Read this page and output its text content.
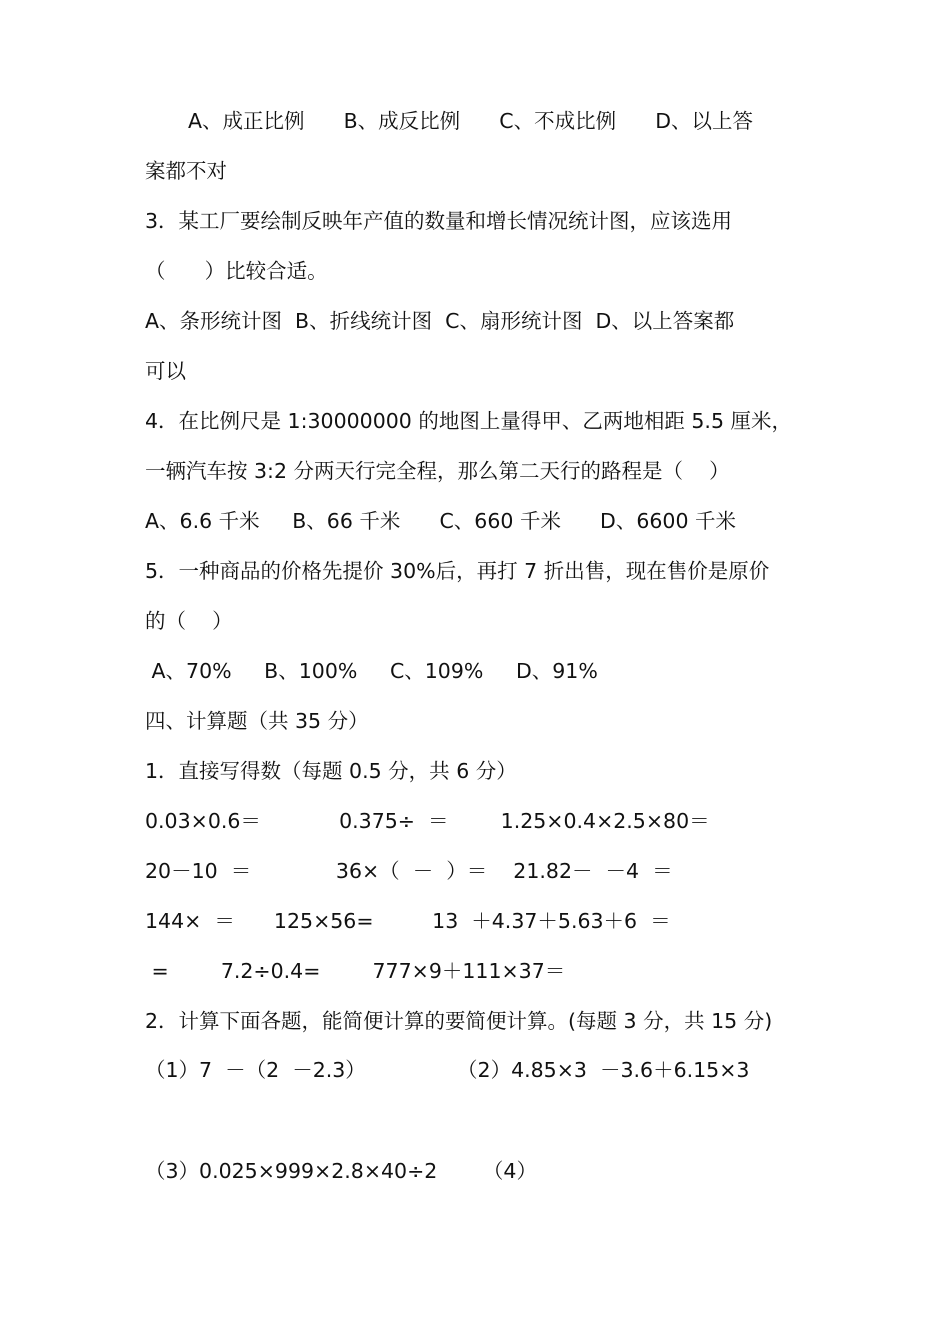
A、成正比例      B、成反比例      C、不成比例      D、以上答
案都不对
3．某工厂要绘制反映年产值的数量和增长情况统计图，应该选用
（      ）比较合适。
A、条形统计图  B、折线统计图  C、扇形统计图  D、以上答案都
可以
4．在比例尺是 1:30000000 的地图上量得甲、乙两地相距 5.5 厘米，
一辆汽车按 3:2 分两天行完全程，那么第二天行的路程是（    ）
A、6.6 千米     B、66 千米      C、660 千米      D、6600 千米
5．一种商品的价格先提价 30%后，再打 7 折出售，现在售价是原价
的（    ）
A、70%     B、100%     C、109%     D、91%
四、计算题（共 35 分）
1．直接写得数（每题 0.5 分，共 6 分）
0.03×0.6＝            0.375÷  ＝        1.25×0.4×2.5×80＝
20－10  ＝             36×（  －  ）＝    21.82－  －4  ＝
144×  ＝      125×56=         13  ＋4.37＋5.63＋6  ＝
=        7.2÷0.4=        777×9＋111×37＝
2．计算下面各题，能简便计算的要简便计算。(每题 3 分，共 15 分)
（1）7  －（2  －2.3）              （2）4.85×3  －3.6＋6.15×3
（3）0.025×999×2.8×40÷2       （4）
